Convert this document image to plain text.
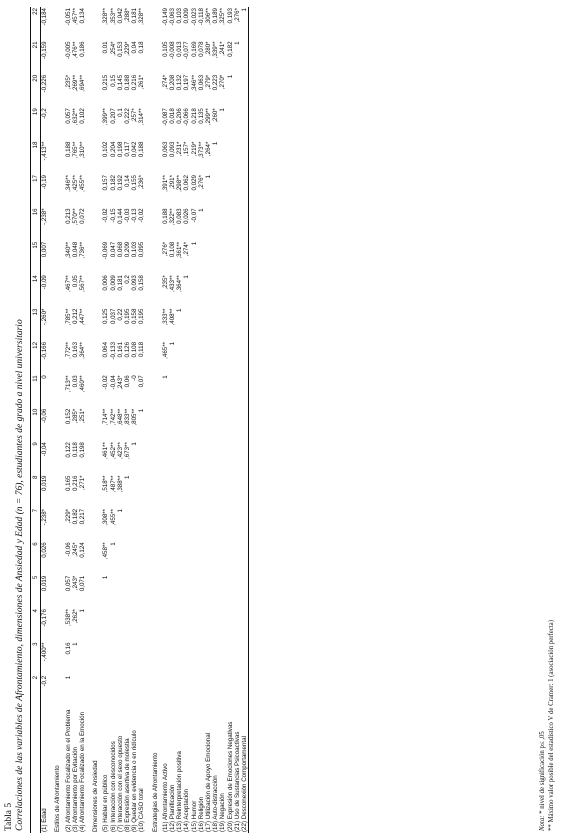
Tabla 5 Correlaciones de las variables de Afrontamiento, dimensiones de Ansiedad y Edad (n = 76), estudiantes de grado a nivel universitario
	2	3	4	5	6	7	8	9	10	11	12	13	14	15	16	17	18	19	20	21	22
(1) Edad	-0,2	-,400**	-0,176	0,019	0,026	-,238*	0,019	-0,04	-0,06	0	-0,166	-,260*	-0,09	0,007	-,238*	-0,19	-,413**	-0,2	-0,226	-0,159	-0,184
Estilos de Afrontamiento																					
(2) Afrontamiento Focalizado en el Problema	1	0,16	,538**	0,057	-0,06	,229*	0,165	0,122	0,152	,713**	,772**	,785**	,467**	,340**	0,213	,346**	0,188	0,057	,235*	-0,005	-0,051
(3) Afrontamiento por Evitación		1	,262*	,243*	,245*	0,182	0,216	0,118	,285*	0,03	0,163	0,212	0,05	0,048	,570**	,425**	,765**	,632**	,269**	,476**	,457**
(4) Afrontamiento Focalizado en la Emoción			1	0,071	0,124	0,217	,271*	0,198	,251*	,460**	,364**	,447**	,567**	,736**	0,072	,455**	,310**	0,102	,694**	0,186	0,134
Dimensiones de Ansiedad																					
(5) Hablar en público				1	,458**	,308**	,518**	,461**	,714**	-0,02	0,064	0,125	0,006	-0,069	-0,02	0,157	0,102	,399**	0,215	0,01	,328**
(6) Interacción con desconocidos					1	,455**	,487**	,452**	,742**	-0,04	-0,133	0,037	0,009	0,047	-0,15	0,182	0,204	0,207	0,15	,254*	,353**
(7) Interacción con el sexo opuesto						1	,388**	,423**	,648**	,243*	0,161	0,22	0,181	0,068	0,144	0,192	0,198	0,1	0,145	0,153	0,042
(8) Expresión asertiva de molestia							1	,673**	,833**	0,06	0,126	0,195	0,2	0,209	-0,03	0,14	0,117	0,222	0,188	,229*	,288*
(9) Quedar en evidencia o en ridículo								1	,805**	-0	0,108	0,158	0,093	0,103	-0,13	0,155	0,042	,257*	0,216	0,04	0,181
(10) CASO total									1	0,07	0,118	0,195	0,158	0,095	-0,02	,236*	0,188	,314**	,261*	0,18	,328**
Estrategias de Afrontamiento																					
(11) Afrontamiento Activo										1	,465**	,333**	,235*	,276*	0,188	,391**	0,063	-0,087	,274*	0,105	-0,149
(12) Planificación											1	,408**	,433**	0,108	,322**	,291*	0,093	0,018	0,208	-0,008	-0,063
(13) Reinterpretación positiva												1	,364**	,361**	0,083	,298**	,231*	0,206	0,132	0,013	0,103
(14) Aceptación													1	,274*	0,026	0,062	,157*	-0,066	0,197	-0,077	0,009
(15) Humor														1	-0,07	0,029	,219*	0,218	,346**	0,169	-0,023
(16) Religión															1	,276*	,373**	0,135	0,063	0,078	-0,118
(17) Utilización de Apoyo Emocional																1	,264*	,299**	,279*	,280*	,306**
(18) Auto-distracción																	1	,260*	0,223	,339**	0,189
(19) Negación																		1	,270*	,241*	,325**
(20) Expresión de Emociones Negativas																			1	0,182	0,193
(21) Uso de Sustancias Psicoactivas																				1	,276*
(22) Desconexión Comportamental																					1
Nota: * nivel de significación p≤ ,05 ** Máximo valor posible del estadístico V de Cramer: 1 (asociación perfecta)
